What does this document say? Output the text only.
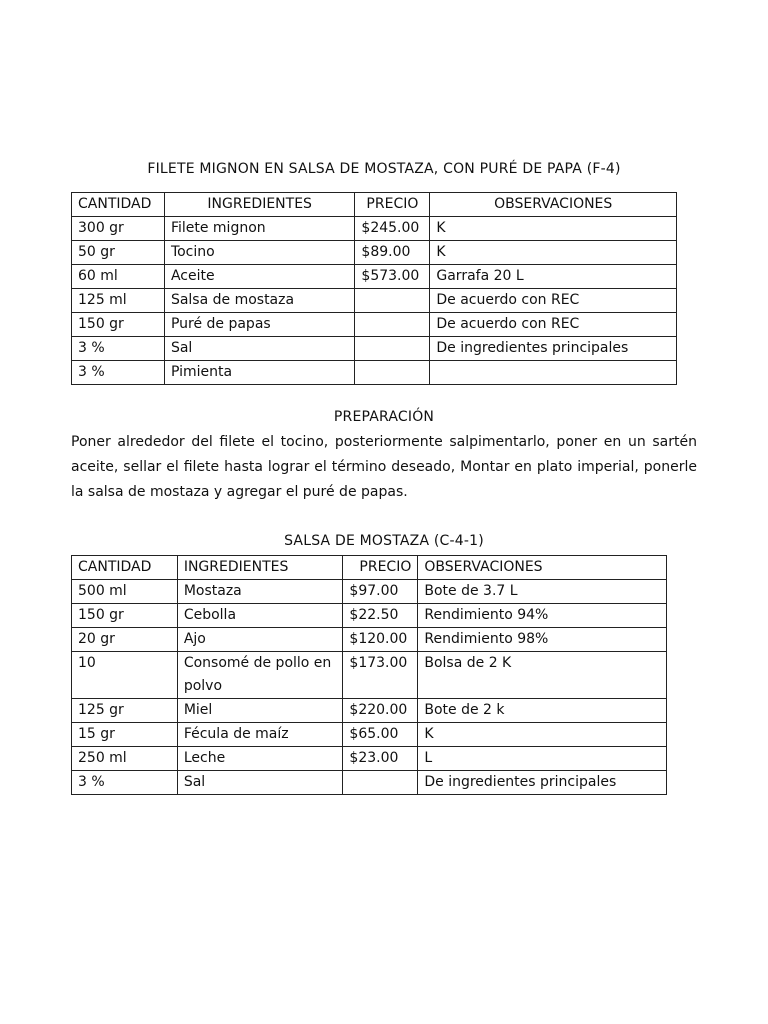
FILETE MIGNON EN SALSA DE MOSTAZA, CON PURÉ DE PAPA (F-4)
CANTIDAD	INGREDIENTES	PRECIO	OBSERVACIONES
300 gr	Filete mignon	$245.00	K
50 gr	Tocino	$89.00	K
60 ml	Aceite	$573.00	Garrafa 20 L
125 ml	Salsa de mostaza		De acuerdo con REC
150 gr	Puré de papas		De acuerdo con REC
3 %	Sal		De ingredientes principales
3 %	Pimienta		
PREPARACIÓN
Poner alrededor del filete el tocino, posteriormente salpimentarlo, poner en un sartén aceite, sellar el filete hasta lograr el término deseado, Montar en plato imperial, ponerle la salsa de mostaza y agregar el puré de papas.
SALSA DE MOSTAZA (C-4-1)
CANTIDAD	INGREDIENTES	PRECIO	OBSERVACIONES
500 ml	Mostaza	$97.00	Bote de 3.7 L
150 gr	Cebolla	$22.50	Rendimiento 94%
20 gr	Ajo	$120.00	Rendimiento 98%
10	Consomé de pollo en polvo	$173.00	Bolsa de 2 K
125 gr	Miel	$220.00	Bote de 2 k
15 gr	Fécula de maíz	$65.00	K
250 ml	Leche	$23.00	L
3 %	Sal		De ingredientes principales
